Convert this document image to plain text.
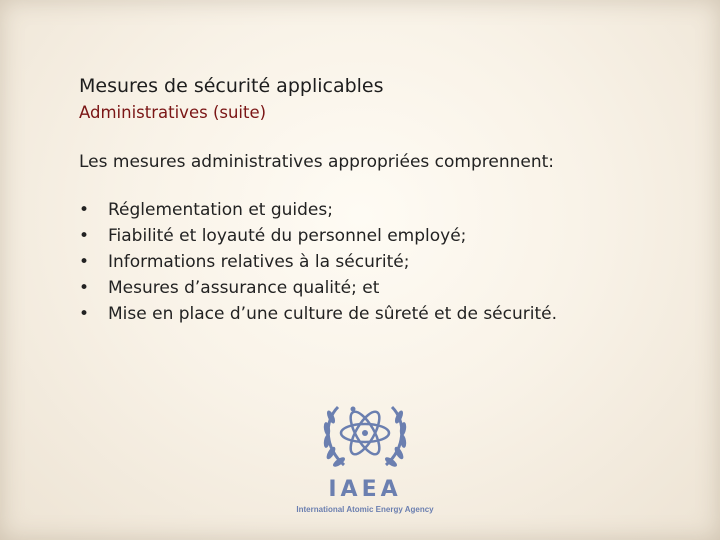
Mesures de sécurité applicables
Administratives (suite)
Les mesures administratives appropriées comprennent:
• Réglementation et guides;
• Fiabilité et loyauté du personnel employé;
• Informations relatives à la sécurité;
• Mesures d’assurance qualité; et
• Mise en place d’une culture de sûreté et de sécurité.
IAEA
International Atomic Energy Agency
